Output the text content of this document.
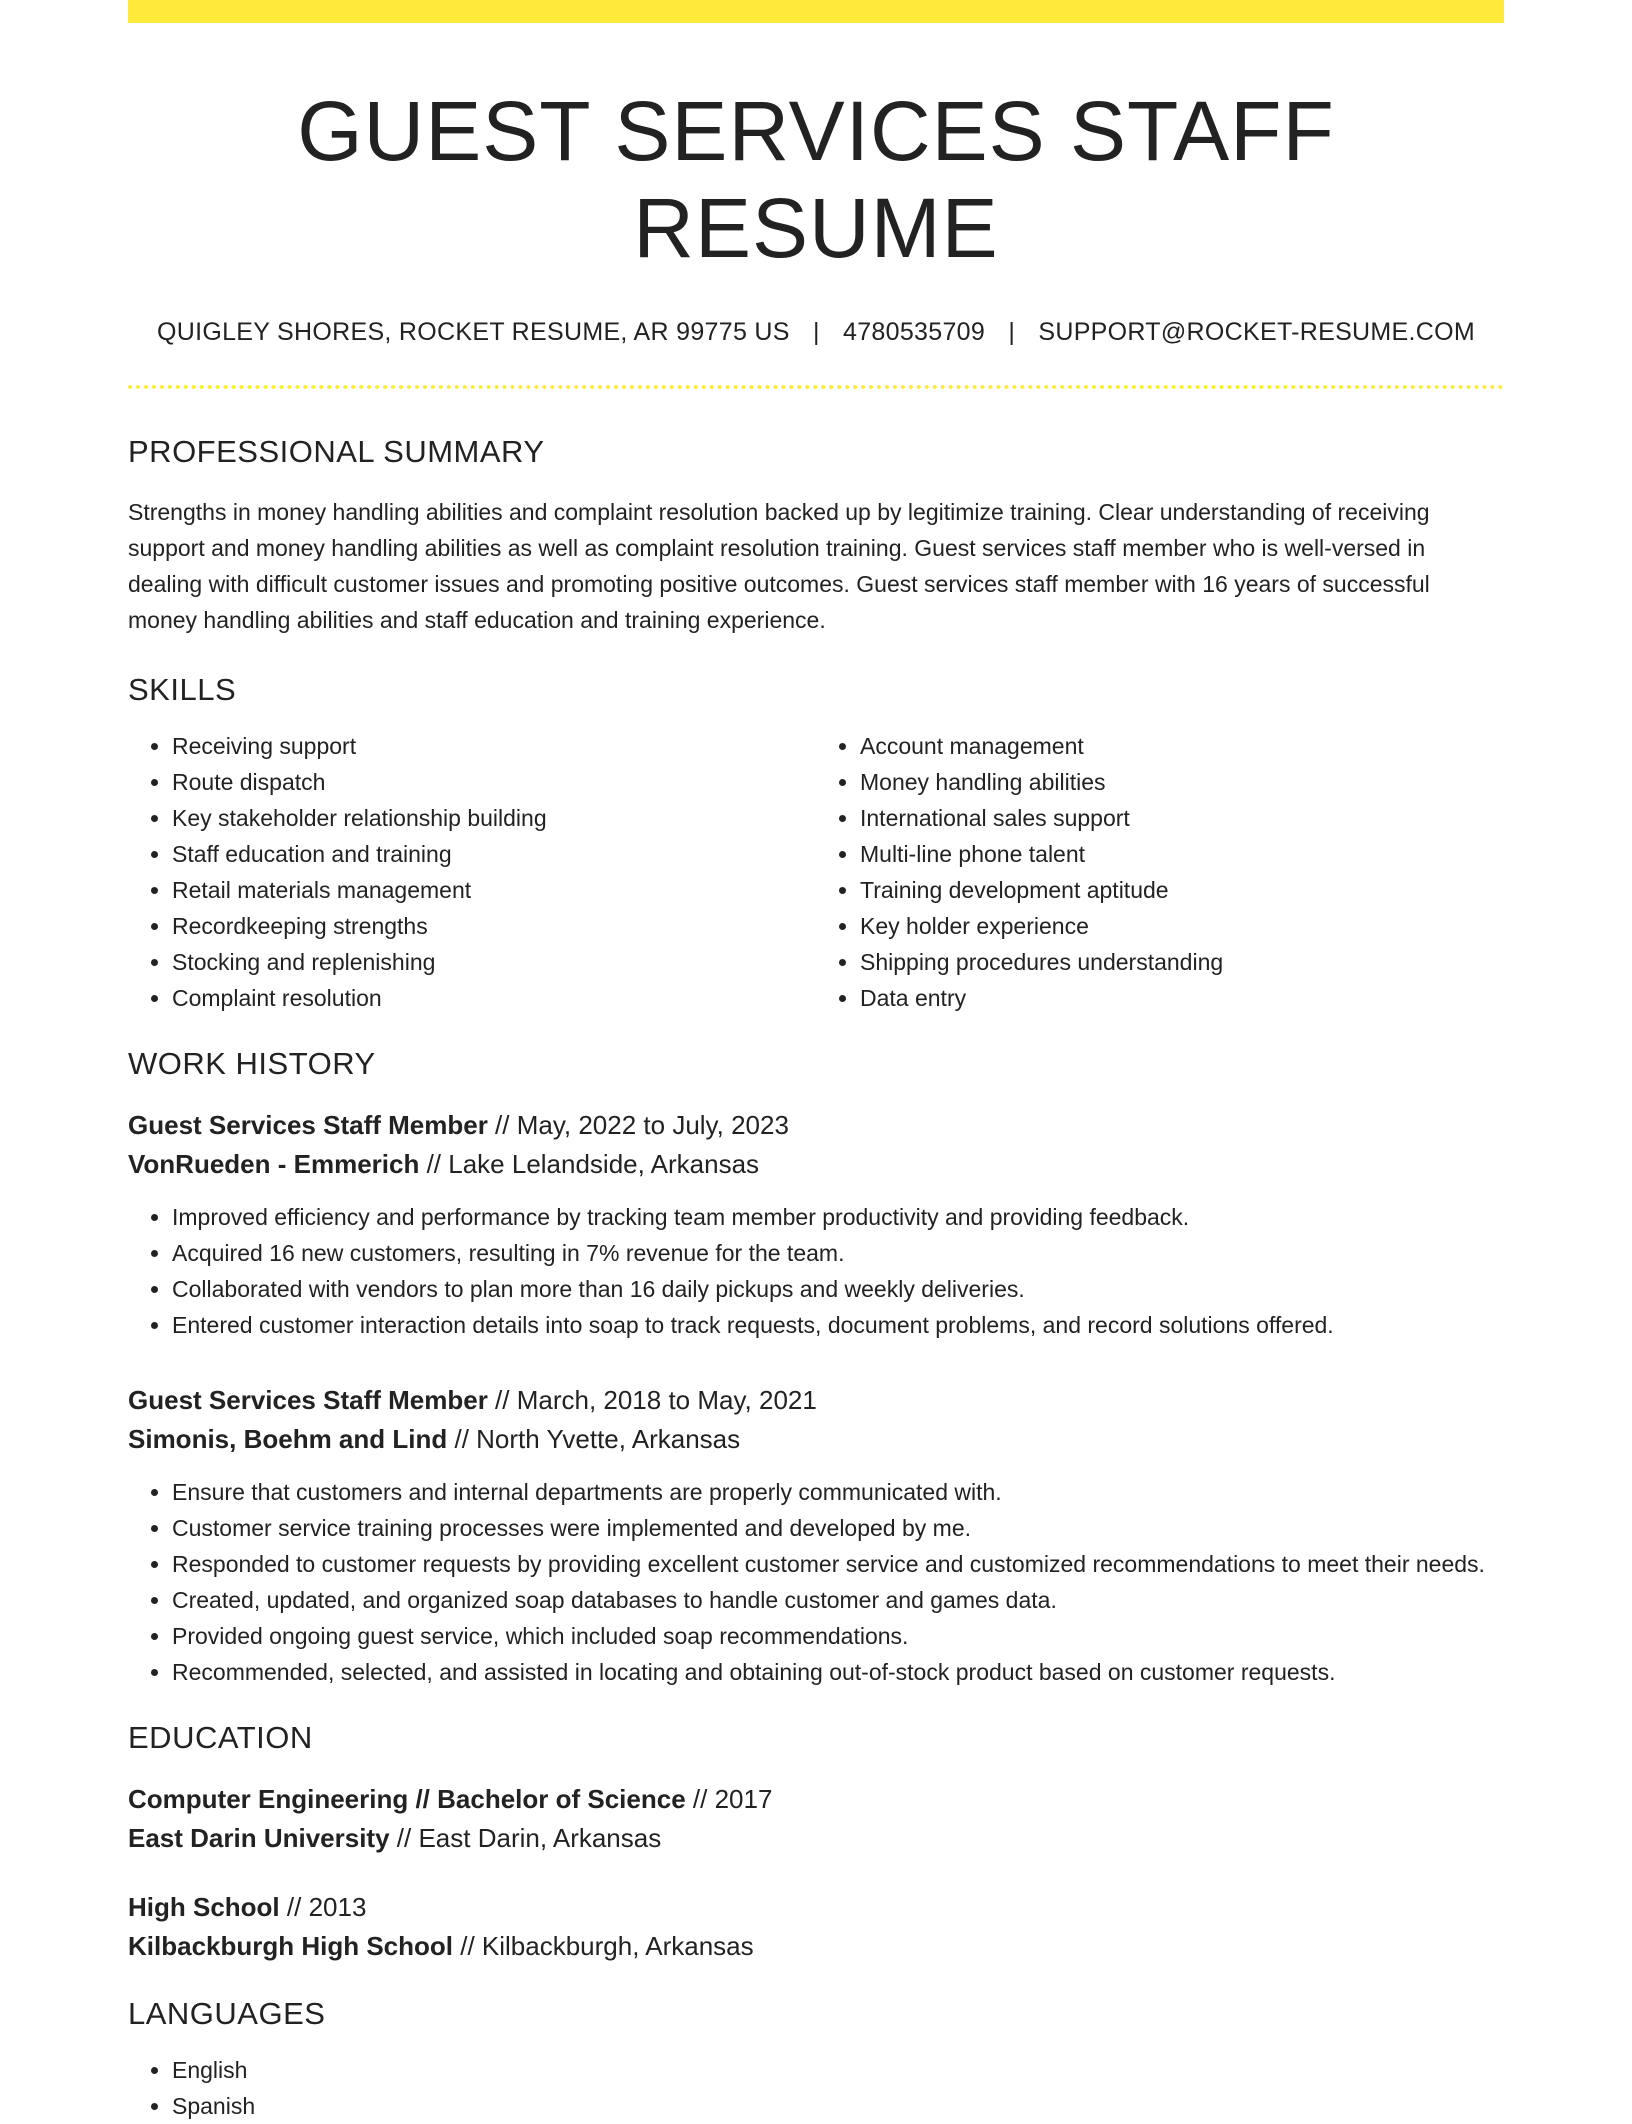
GUEST SERVICES STAFF RESUME
QUIGLEY SHORES, ROCKET RESUME, AR 99775 US | 4780535709 | SUPPORT@ROCKET-RESUME.COM
PROFESSIONAL SUMMARY

Strengths in money handling abilities and complaint resolution backed up by legitimize training. Clear understanding of receiving support and money handling abilities as well as complaint resolution training. Guest services staff member who is well-versed in dealing with difficult customer issues and promoting positive outcomes. Guest services staff member with 16 years of successful money handling abilities and staff education and training experience.

SKILLS
• Receiving support
• Route dispatch
• Key stakeholder relationship building
• Staff education and training
• Retail materials management
• Recordkeeping strengths
• Stocking and replenishing
• Complaint resolution
• Account management
• Money handling abilities
• International sales support
• Multi-line phone talent
• Training development aptitude
• Key holder experience
• Shipping procedures understanding
• Data entry
WORK HISTORY
Guest Services Staff Member // May, 2022 to July, 2023
VonRueden - Emmerich // Lake Lelandside, Arkansas
• Improved efficiency and performance by tracking team member productivity and providing feedback.
• Acquired 16 new customers, resulting in 7% revenue for the team.
• Collaborated with vendors to plan more than 16 daily pickups and weekly deliveries.
• Entered customer interaction details into soap to track requests, document problems, and record solutions offered.
Guest Services Staff Member // March, 2018 to May, 2021
Simonis, Boehm and Lind // North Yvette, Arkansas
• Ensure that customers and internal departments are properly communicated with.
• Customer service training processes were implemented and developed by me.
• Responded to customer requests by providing excellent customer service and customized recommendations to meet their needs.
• Created, updated, and organized soap databases to handle customer and games data.
• Provided ongoing guest service, which included soap recommendations.
• Recommended, selected, and assisted in locating and obtaining out-of-stock product based on customer requests.
EDUCATION
Computer Engineering // Bachelor of Science // 2017
East Darin University // East Darin, Arkansas
High School // 2013
Kilbackburgh High School // Kilbackburgh, Arkansas
LANGUAGES
• English
• Spanish
